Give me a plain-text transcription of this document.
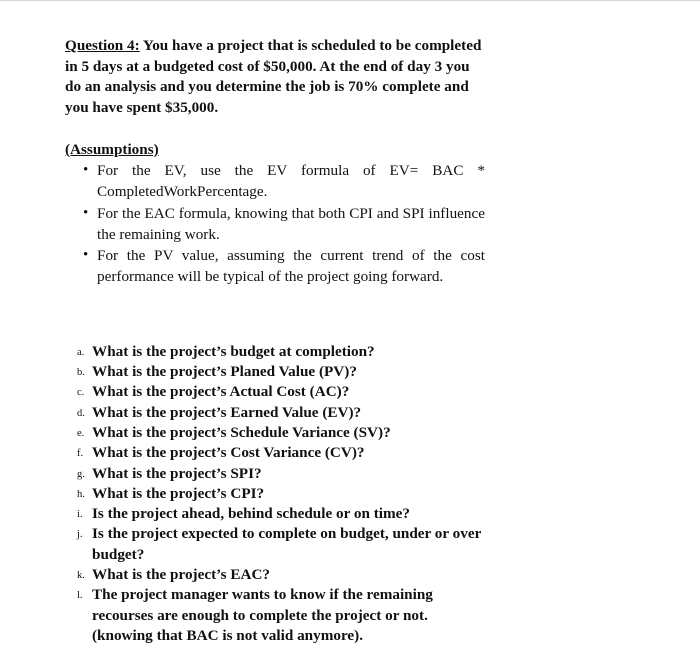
Question 4: You have a project that is scheduled to be completed in 5 days at a budgeted cost of $50,000. At the end of day 3 you do an analysis and you determine the job is 70% complete and you have spent $35,000.

(Assumptions)
• For the EV, use the EV formula of EV= BAC * CompletedWorkPercentage.
• For the EAC formula, knowing that both CPI and SPI influence the remaining work.
• For the PV value, assuming the current trend of the cost performance will be typical of the project going forward.
a. What is the project’s budget at completion?
b. What is the project’s Planed Value (PV)?
c. What is the project’s Actual Cost (AC)?
d. What is the project’s Earned Value (EV)?
e. What is the project’s Schedule Variance (SV)?
f. What is the project’s Cost Variance (CV)?
g. What is the project’s SPI?
h. What is the project’s CPI?
i. Is the project ahead, behind schedule or on time?
j. Is the project expected to complete on budget, under or over budget?
k. What is the project’s EAC?
l. The project manager wants to know if the remaining recourses are enough to complete the project or not. (knowing that BAC is not valid anymore).
